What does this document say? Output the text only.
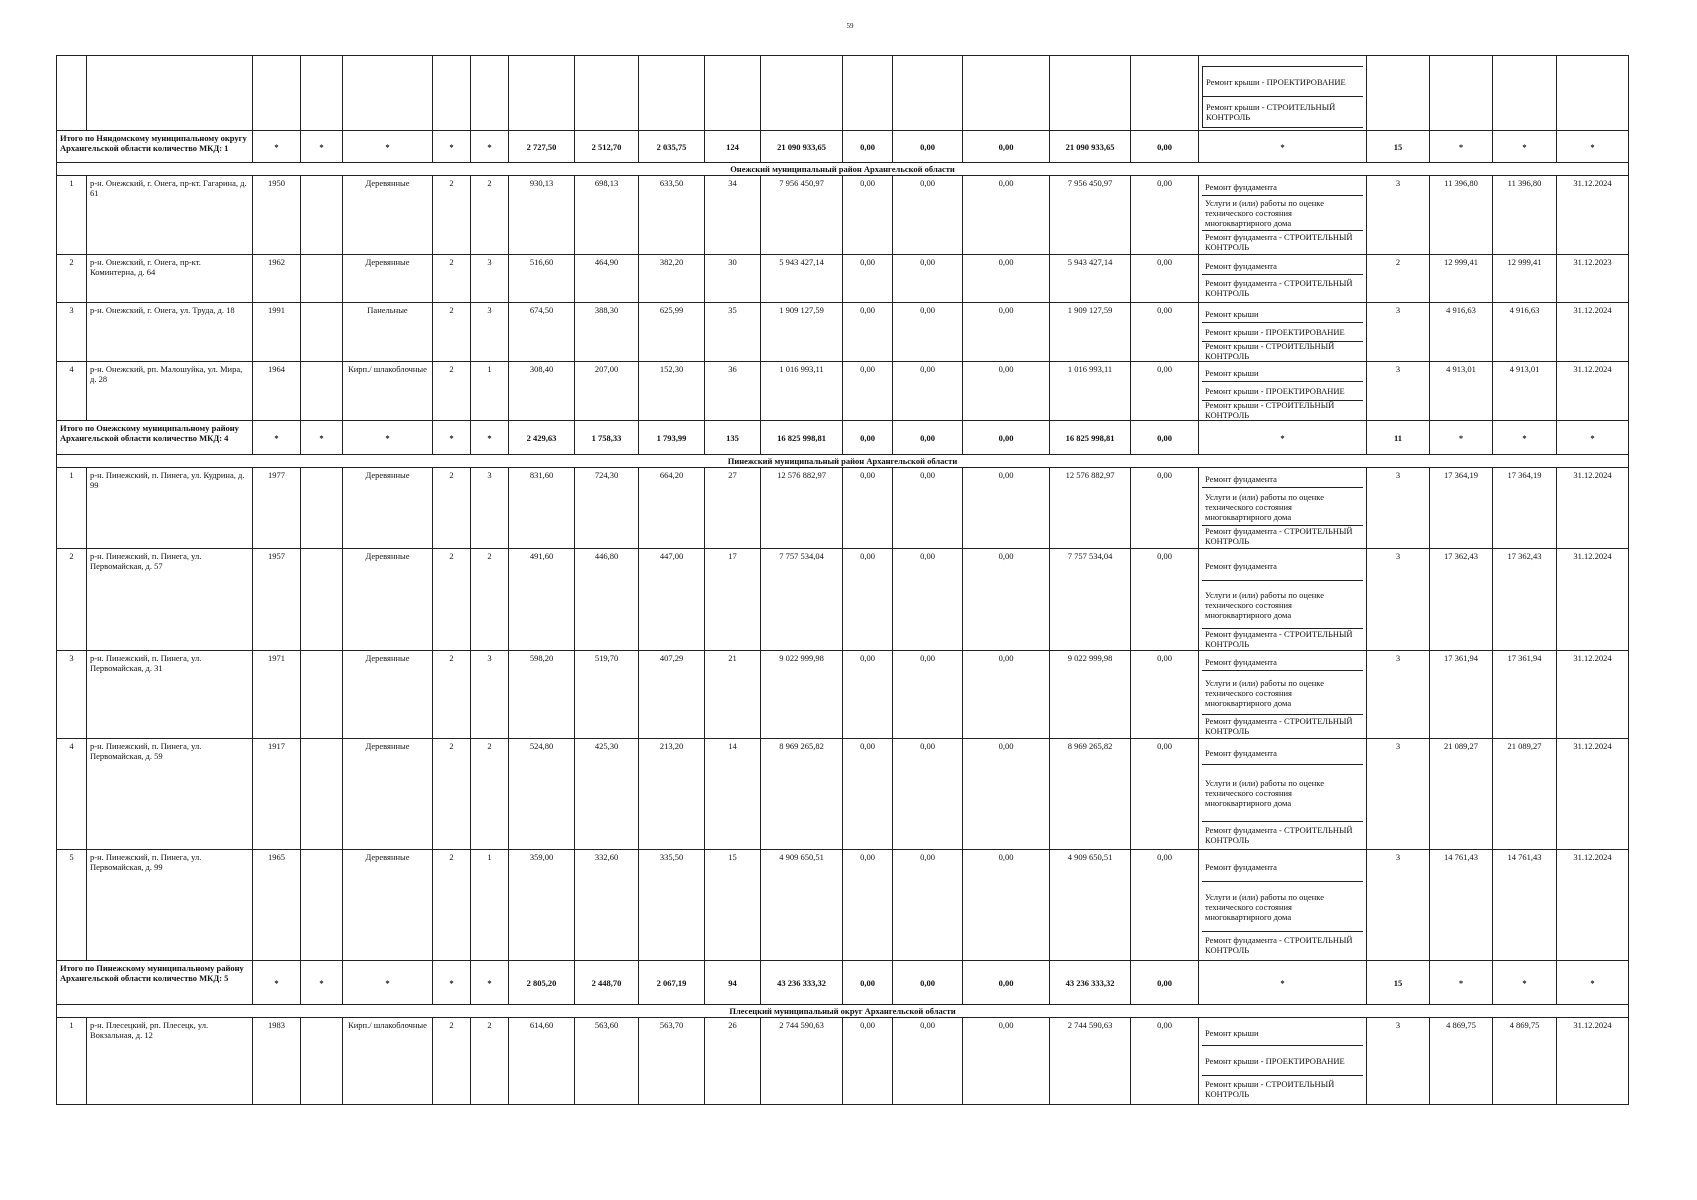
59

Ремонт крыши - ПРОЕКТИРОВАНИЕ
Ремонт крыши - СТРОИТЕЛЬНЫЙ КОНТРОЛЬ				

Итого по Няндомскому муниципальному округу Архангельской области количество МКД: 1		*	*	*	*	*	2 727,50	2 512,70	2 035,75	124	21 090 933,65	0,00	0,00	0,00	21 090 933,65	0,00	*	15	*	*	*
Онежский муниципальный район Архангельской области																					
1	р-н. Онежский, г. Онега, пр-кт. Гагарина, д. 61	1950		Деревянные	2	2	930,13	698,13	633,50	34	7 956 450,97	0,00	0,00	0,00	7 956 450,97	0,00	Ремонт фундамента
Услуги и (или) работы по оценке технического состояния многоквартирного дома
Ремонт фундамента - СТРОИТЕЛЬНЫЙ КОНТРОЛЬ	3	11 396,80	11 396,80	31.12.2024
2	р-н. Онежский, г. Онега, пр-кт. Коминтерна, д. 64	1962		Деревянные	2	3	516,60	464,90	382,20	30	5 943 427,14	0,00	0,00	0,00	5 943 427,14	0,00	Ремонт фундамента
Ремонт фундамента - СТРОИТЕЛЬНЫЙ КОНТРОЛЬ	2	12 999,41	12 999,41	31.12.2023
3	р-н. Онежский, г. Онега, ул. Труда, д. 18	1991		Панельные	2	3	674,50	388,30	625,99	35	1 909 127,59	0,00	0,00	0,00	1 909 127,59	0,00	Ремонт крыши
Ремонт крыши - ПРОЕКТИРОВАНИЕ
Ремонт крыши - СТРОИТЕЛЬНЫЙ КОНТРОЛЬ	3	4 916,63	4 916,63	31.12.2024
4	р-н. Онежский, рп. Малошуйка, ул. Мира, д. 28	1964		Кирп./ шлакоблочные	2	1	308,40	207,00	152,30	36	1 016 993,11	0,00	0,00	0,00	1 016 993,11	0,00	Ремонт крыши
Ремонт крыши - ПРОЕКТИРОВАНИЕ
Ремонт крыши - СТРОИТЕЛЬНЫЙ КОНТРОЛЬ	3	4 913,01	4 913,01	31.12.2024
Итого по Онежскому муниципальному району Архангельской области количество МКД: 4		*	*	*	*	*	2 429,63	1 758,33	1 793,99	135	16 825 998,81	0,00	0,00	0,00	16 825 998,81	0,00	*	11	*	*	*
Пинежский муниципальный район Архангельской области																					
1	р-н. Пинежский, п. Пинега, ул. Кудрина, д. 99	1977		Деревянные	2	3	831,60	724,30	664,20	27	12 576 882,97	0,00	0,00	0,00	12 576 882,97	0,00	Ремонт фундамента
Услуги и (или) работы по оценке технического состояния многоквартирного дома
Ремонт фундамента - СТРОИТЕЛЬНЫЙ КОНТРОЛЬ	3	17 364,19	17 364,19	31.12.2024
2	р-н. Пинежский, п. Пинега, ул. Первомайская, д. 57	1957		Деревянные	2	2	491,60	446,80	447,00	17	7 757 534,04	0,00	0,00	0,00	7 757 534,04	0,00	Ремонт фундамента
Услуги и (или) работы по оценке технического состояния многоквартирного дома
Ремонт фундамента - СТРОИТЕЛЬНЫЙ КОНТРОЛЬ	3	17 362,43	17 362,43	31.12.2024
3	р-н. Пинежский, п. Пинега, ул. Первомайская, д. 31	1971		Деревянные	2	3	598,20	519,70	407,29	21	9 022 999,98	0,00	0,00	0,00	9 022 999,98	0,00	Ремонт фундамента
Услуги и (или) работы по оценке технического состояния многоквартирного дома
Ремонт фундамента - СТРОИТЕЛЬНЫЙ КОНТРОЛЬ	3	17 361,94	17 361,94	31.12.2024
4	р-н. Пинежский, п. Пинега, ул. Первомайская, д. 59	1917		Деревянные	2	2	524,80	425,30	213,20	14	8 969 265,82	0,00	0,00	0,00	8 969 265,82	0,00	Ремонт фундамента
Услуги и (или) работы по оценке технического состояния многоквартирного дома
Ремонт фундамента - СТРОИТЕЛЬНЫЙ КОНТРОЛЬ	3	21 089,27	21 089,27	31.12.2024
5	р-н. Пинежский, п. Пинега, ул. Первомайская, д. 99	1965		Деревянные	2	1	359,00	332,60	335,50	15	4 909 650,51	0,00	0,00	0,00	4 909 650,51	0,00	Ремонт фундамента
Услуги и (или) работы по оценке технического состояния многоквартирного дома
Ремонт фундамента - СТРОИТЕЛЬНЫЙ КОНТРОЛЬ	3	14 761,43	14 761,43	31.12.2024
Итого по Пинежскому муниципальному району Архангельской области количество МКД: 5		*	*	*	*	*	2 805,20	2 448,70	2 067,19	94	43 236 333,32	0,00	0,00	0,00	43 236 333,32	0,00	*	15	*	*	*
Плесецкий муниципальный округ Архангельской области																					
1	р-н. Плесецкий, рп. Плесецк, ул. Вокзальная, д. 12	1983		Кирп./ шлакоблочные	2	2	614,60	563,60	563,70	26	2 744 590,63	0,00	0,00	0,00	2 744 590,63	0,00	Ремонт крыши
Ремонт крыши - ПРОЕКТИРОВАНИЕ
Ремонт крыши - СТРОИТЕЛЬНЫЙ КОНТРОЛЬ	3	4 869,75	4 869,75	31.12.2024
